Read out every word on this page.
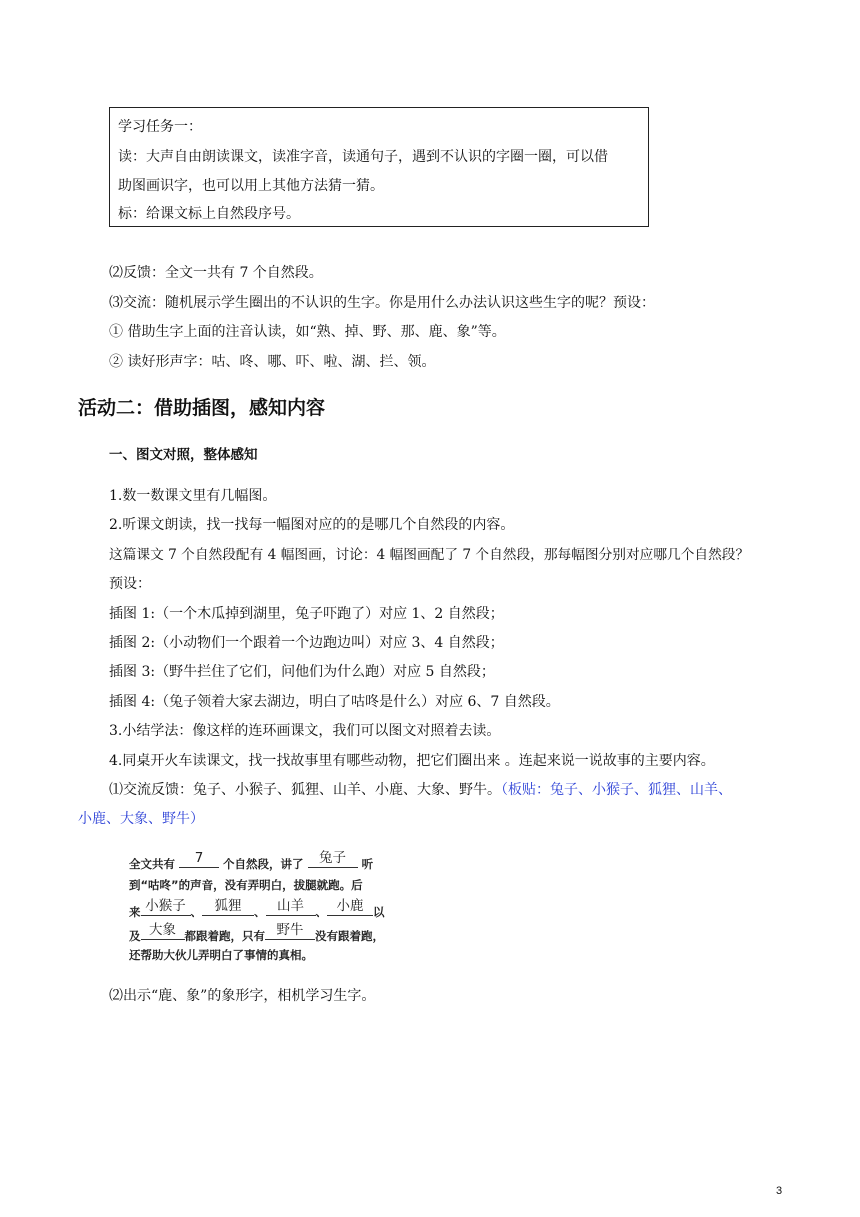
学习任务一：
读：大声自由朗读课文，读准字音，读通句子，遇到不认识的字圈一圈，可以借
助图画识字，也可以用上其他方法猜一猜。
标：给课文标上自然段序号。
⑵反馈：全文一共有 7 个自然段。
⑶交流：随机展示学生圈出的不认识的生字。你是用什么办法认识这些生字的呢？预设：
① 借助生字上面的注音认读，如“熟、掉、野、那、鹿、象”等。
② 读好形声字：咕、咚、哪、吓、啦、湖、拦、领。
活动二：借助插图，感知内容
一、图文对照，整体感知
1.数一数课文里有几幅图。
2.听课文朗读，找一找每一幅图对应的的是哪几个自然段的内容。
这篇课文 7 个自然段配有 4 幅图画，讨论：4 幅图画配了 7 个自然段，那每幅图分别对应哪几个自然段？
预设：
插图 1:（一个木瓜掉到湖里，兔子吓跑了）对应 1、2 自然段；
插图 2:（小动物们一个跟着一个边跑边叫）对应 3、4 自然段；
插图 3:（野牛拦住了它们，问他们为什么跑）对应 5 自然段；
插图 4:（兔子领着大家去湖边，明白了咕咚是什么）对应 6、7 自然段。
3.小结学法：像这样的连环画课文，我们可以图文对照着去读。
4.同桌开火车读课文，找一找故事里有哪些动物，把它们圈出来 。连起来说一说故事的主要内容。
⑴交流反馈：兔子、小猴子、狐狸、山羊、小鹿、大象、野牛。（板贴：兔子、小猴子、狐狸、山羊、
小鹿、大象、野牛）
全文共有	7	个自然段，讲了	兔子	听
到“咕咚”的声音，没有弄明白，拔腿就跑。后
来 小猴子 、 狐狸	、 山羊	、 小鹿 以
及 大象 都跟着跑，只有 野牛	没有跟着跑，
还帮助大伙儿弄明白了事情的真相。
⑵出示“鹿、象”的象形字，相机学习生字。
3
